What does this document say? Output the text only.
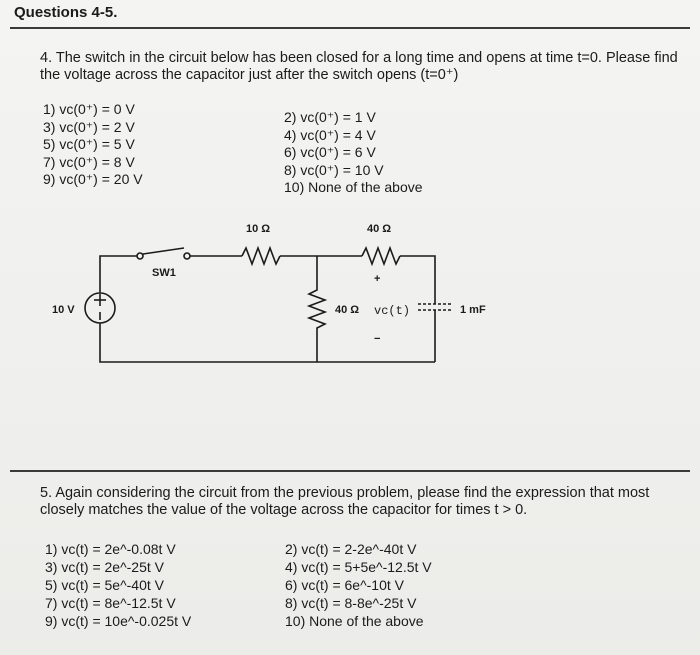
Questions 4-5.
4. The switch in the circuit below has been closed for a long time and opens at time t=0. Please find the voltage across the capacitor just after the switch opens (t=0⁺)
1) vc(0⁺) = 0 V
3) vc(0⁺) = 2 V
5) vc(0⁺) = 5 V
7) vc(0⁺) = 8 V
9) vc(0⁺) = 20 V
2) vc(0⁺) = 1 V
4) vc(0⁺) = 4 V
6) vc(0⁺) = 6 V
8) vc(0⁺) = 10 V
10) None of the above
10 Ω	40 Ω
SW1
10 V	40 Ω vc(t)	1 mF
+
−
5. Again considering the circuit from the previous problem, please find the expression that most closely matches the value of the voltage across the capacitor for times t > 0.
1) vc(t) = 2e^-0.08t V
3) vc(t) = 2e^-25t V
5) vc(t) = 5e^-40t V
7) vc(t) = 8e^-12.5t V
9) vc(t) = 10e^-0.025t V
2) vc(t) = 2-2e^-40t V
4) vc(t) = 5+5e^-12.5t V
6) vc(t) = 6e^-10t V
8) vc(t) = 8-8e^-25t V
10) None of the above
